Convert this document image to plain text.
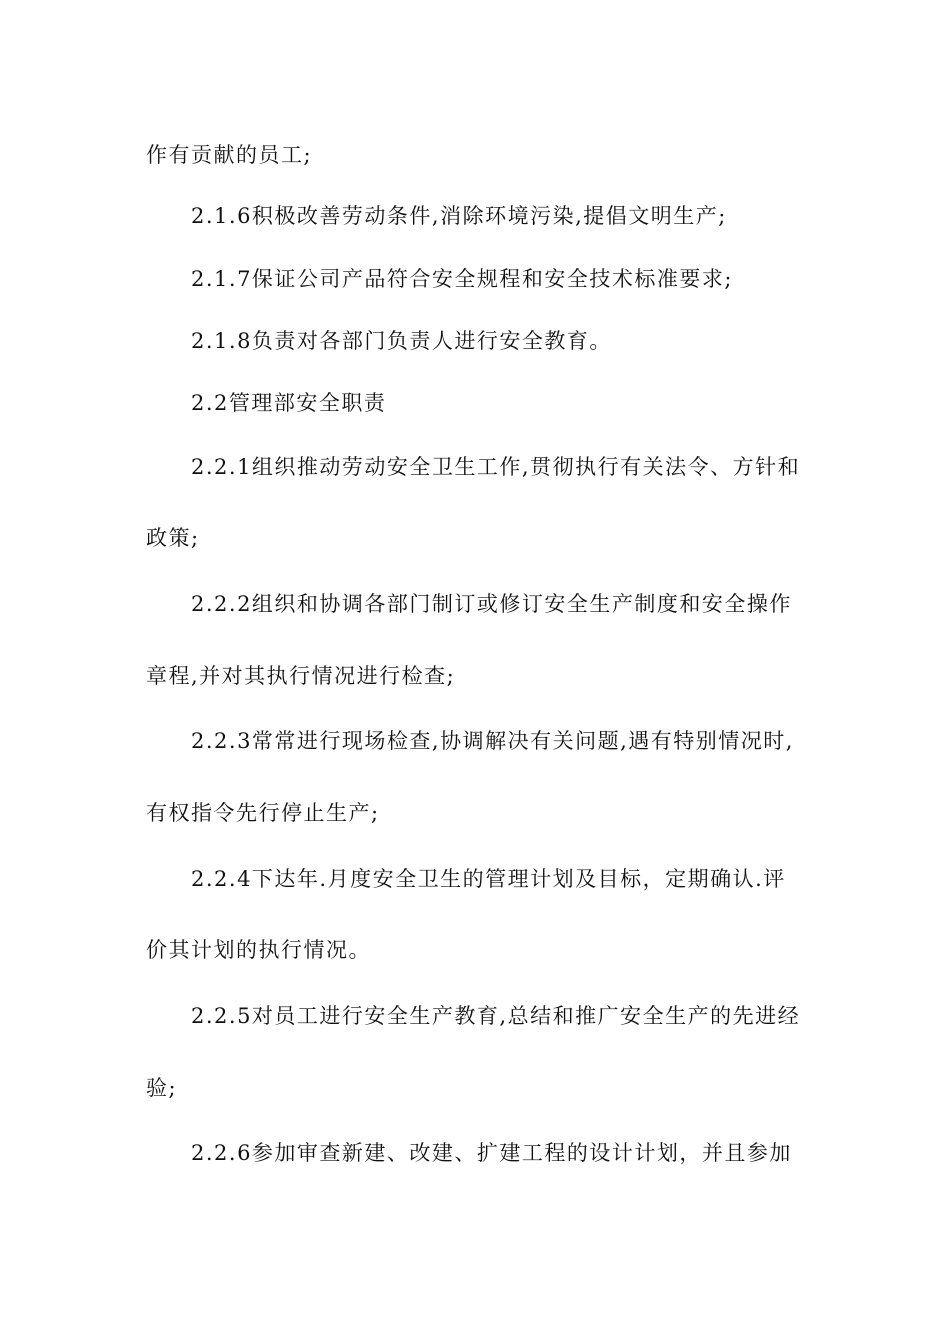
作有贡献的员工;
2.1.6积极改善劳动条件,消除环境污染,提倡文明生产;
2.1.7保证公司产品符合安全规程和安全技术标准要求;
2.1.8负责对各部门负责人进行安全教育。
2.2管理部安全职责
2.2.1组织推动劳动安全卫生工作,贯彻执行有关法令、方针和
政策;
2.2.2组织和协调各部门制订或修订安全生产制度和安全操作
章程,并对其执行情况进行检查;
2.2.3常常进行现场检查,协调解决有关问题,遇有特别情况时,
有权指令先行停止生产;
2.2.4下达年.月度安全卫生的管理计划及目标，定期确认.评
价其计划的执行情况。
2.2.5对员工进行安全生产教育,总结和推广安全生产的先进经
验;
2.2.6参加审查新建、改建、扩建工程的设计计划，并且参加
